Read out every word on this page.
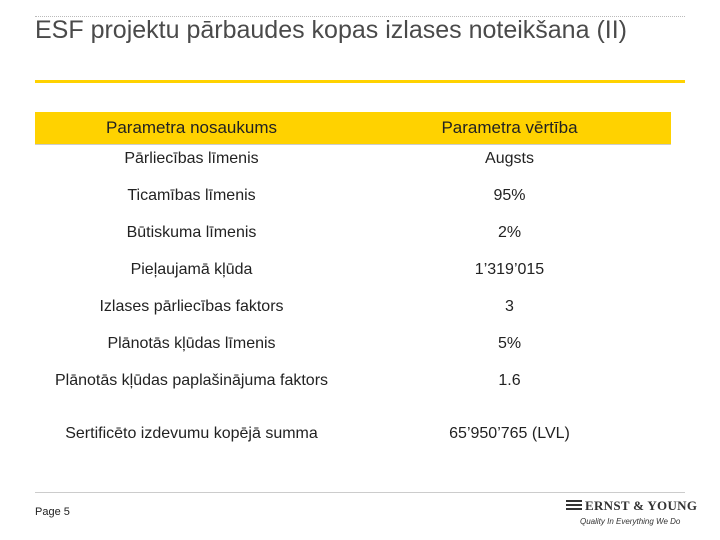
ESF projektu pārbaudes kopas izlases noteikšana (II)
Parametra nosaukums	Parametra vērtība
Pārliecības līmenis	Augsts
Ticamības līmenis	95%
Būtiskuma līmenis	2%
Pieļaujamā kļūda	1’319’015
Izlases pārliecības faktors	3
Plānotās kļūdas līmenis	5%
Plānotās kļūdas paplašinājuma faktors	1.6
Sertificēto izdevumu kopējā summa	65’950’765 (LVL)
Page 5	ERNST & YOUNG
Quality In Everything We Do
